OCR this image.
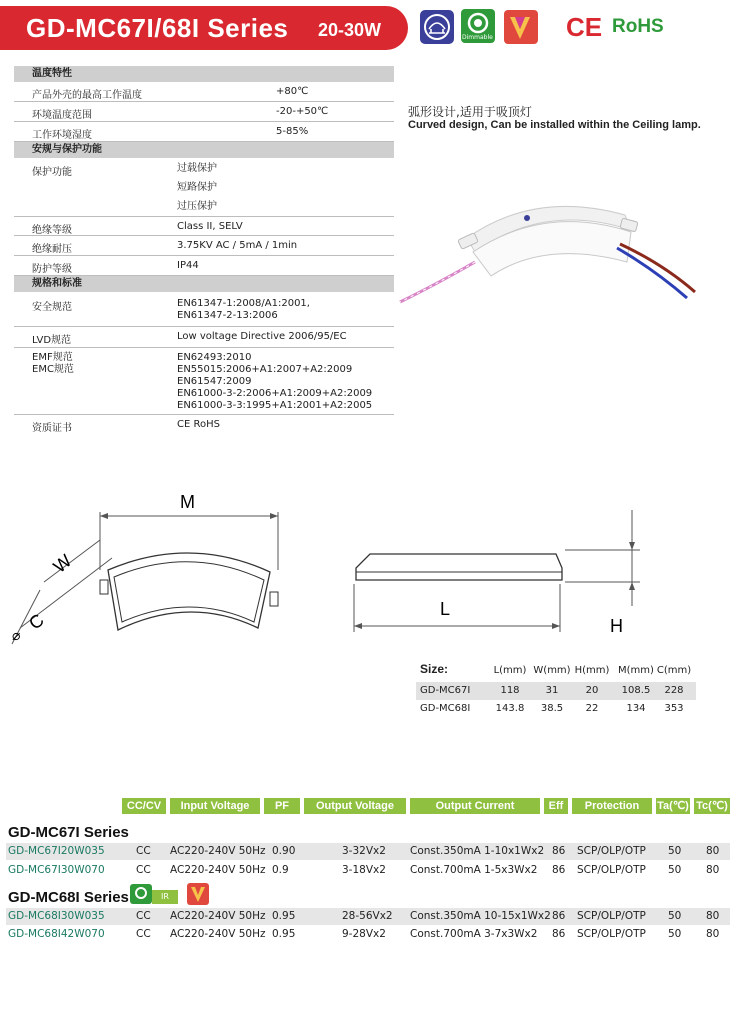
GD-MC67I/68I Series 20-30W	Dimmable	CE RoHS
温度特性
产品外壳的最高工作温度	+80℃
环境温度范围	-20-+50℃
工作环境湿度	5-85%
安规与保护功能
保护功能	过载保护
短路保护
过压保护
绝缘等级	Class II, SELV
绝缘耐压	3.75KV AC / 5mA / 1min
防护等级	IP44
规格和标准
安全规范	EN61347-1:2008/A1:2001,
EN61347-2-13:2006
LVD规范	Low voltage Directive 2006/95/EC
EMF规范
EMC规范
EN62493:2010
EN55015:2006+A1:2007+A2:2009
EN61547:2009
EN61000-3-2:2006+A1:2009+A2:2009
EN61000-3-3:1995+A1:2001+A2:2005
资质证书	CE RoHS
弧形设计,适用于吸顶灯
Curved design, Can be installed within the Ceiling lamp.
M
W
C
⌀
L
H
Size:	L(mm) W(mm) H(mm) M(mm) C(mm)
GD-MC67I	118	31	20	108.5	228
GD-MC68I	143.8	38.5	22	134	353
CC/CV	Input Voltage	PF	Output Voltage	Output Current	Eff	Protection	Ta(℃) Tc(℃)
GD-MC67I Series
GD-MC67I20W035	CC AC220-240V 50Hz 0.90	3-32Vx2 Const.350mA 1-10x1Wx2 86 SCP/OLP/OTP 50 80
GD-MC67I30W070	CC AC220-240V 50Hz 0.9	3-18Vx2 Const.700mA 1-5x3Wx2 86 SCP/OLP/OTP 50 80
GD-MC68I Series	IR
GD-MC68I30W035	CC AC220-240V 50Hz 0.95	28-56Vx2 Const.350mA 10-15x1Wx2 86 SCP/OLP/OTP 50 80
GD-MC68I42W070	CC AC220-240V 50Hz 0.95	9-28Vx2 Const.700mA 3-7x3Wx2 86 SCP/OLP/OTP 50 80
